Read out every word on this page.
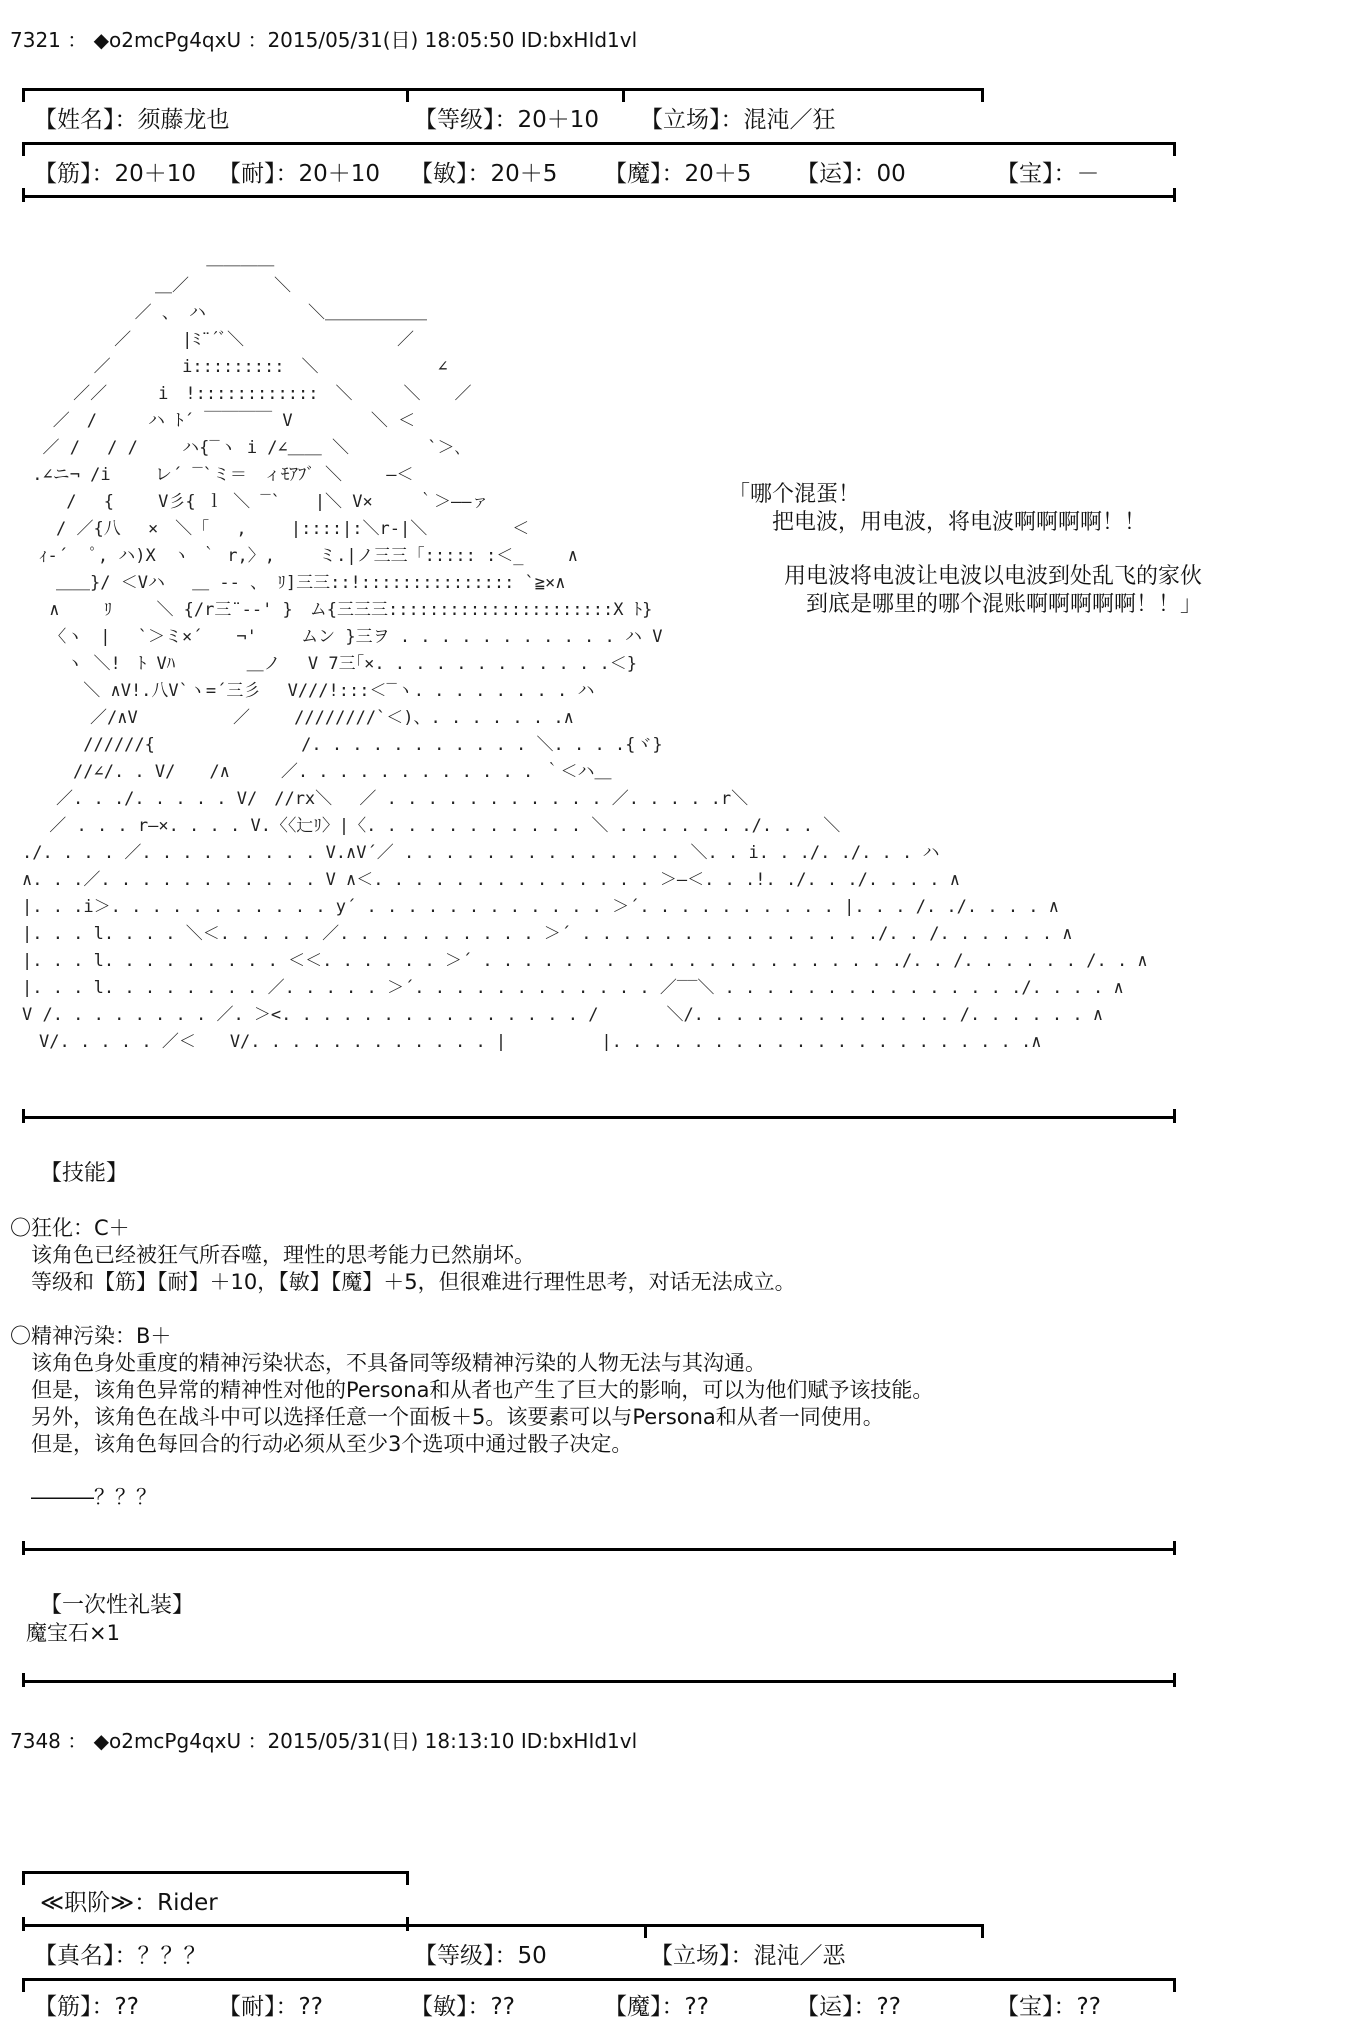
7321 ： ◆o2mcPg4qxU ：2015/05/31(日) 18:05:50 ID:bxHId1vl
【姓名】：须藤龙也	【等级】：20＋10 【立场】：混沌／狂
【筋】：20＋10 【耐】：20＋10 【敏】：20＋5 【魔】：20＋5 【运】：00	【宝】：－
＿＿＿＿
＿／　　　　　＼
／ 、 ハ　　　　　　＼＿＿＿＿＿＿
／　　　|ﾐ¨´ﾞ＼　　　　　　　　　／
／ 　　　 i:::::::::　＼　　　　　　　∠
／／　　　i　!::::::::::::　＼　　　＼　　／
／　/　　　ハ ﾄ´ ￣￣￣￣ V　　　　 ＼ ＜
／ / 　/ /　 　ハ{‾ヽ i /∠＿＿ ＼　　　　 `＞､
.∠ニ¬ /i　　 レ´ ‾`ミ＝　ィﾓｱﾌﾞ ＼　　 ―＜
　　 /　 {　　 V彡{ ｌ ＼ ‾`　　|＼ V×　 　｀＞――ァ
　　/ ／{八　 ×　＼「　 ,　　 |::::|:＼r‐|＼　　　　　＜
　ｨ-´　 ﾟ, ハ)X　ヽ ｀ r,〉,　　 ミ.|ノ三三「::::: :＜_ 　　∧
　　＿＿}/ ＜Vハ　 ＿ -‐ 、 ﾘ]三三::!::::::::::::::: `≧×∧
　 ∧　　 ﾘ　　 ＼ {/r三¨--' }　ム{三三三::::::::::::::::::::::X ﾄ}
　 〈ヽ　|　 `＞ミ×´　　¬'　　 ムン }三ヲ . . . . . . . . . . . ハ V
　　 ヽ ＼!　ﾄ Vﾊ　 　　 ＿ノ　 V 7三｢×. . . . . . . . . . . .＜}
　　　 ＼ ∧V!.八V`ヽ=´三彡　 V///!:::＜‾ヽ. . . . . . . . ハ
　　　　／/∧V　　　　　 ／　　 ////////`＜)、. . . . . . .∧
　　　 //////{　　　　　　　　 /. . . . . . . . . . . ＼. . . .{ヾ}
　　　//∠/. . V/　　/∧　　　／. . . . . . . . . . . . ｀＜ハ＿
　　／. . ./. . . . . V/　//rx＼　 ／ . . . . . . . . . . . ／. . . . .r＼
　 ／ . . . r―×. . . . V.〈〈辷ﾘ〉|〈. . . . . . . . . . . ＼ . . . . . . ./. . . ＼
./. . . . ／. . . . . . . . . V.∧V´／ . . . . . . . . . . . . . . ＼. . i. . ./. ./. . . ハ
∧. . .／. . . . . . . . . . . V ∧＜. . . . . . . . . . . . . . ＞―＜. . .!. ./. . ./. . . . ∧
|. . .i＞. . . . . . . . . . . y´ . . . . . . . . . . . . ＞´. . . . . . . . . . |. . . /. ./. . . . ∧
|. . . l. . . . ＼＜. . . . . ／. . . . . . . . . . ＞´ . . . . . . . . . . . . . . ./. . /. . . . . . ∧
|. . . l. . . . . . . . . ＜＜. . . . . . ＞´ . . . . . . . . . . . . . . . . . . . . ./. . /. . . . . . /. . ∧
|. . . l. . . . . . . . ／. . . . . ＞´. . . . . . . . . . . . ／‾‾＼ . . . . . . . . . . . . . . ./. . . . ∧
V /. . . . . . . . ／. ＞<. . . . . . . . . . . . . . . /　　　　＼/. . . . . . . . . . . . . /. . . . . . ∧
　V/. . . . . ／＜　　V/. . . . . . . . . . . . |　　　　　 |. . . . . . . . . . . . . . . . . . . . .∧
「哪个混蛋！
　　把电波，用电波，将电波啊啊啊啊！！
　用电波将电波让电波以电波到处乱飞的家伙
　　到底是哪里的哪个混账啊啊啊啊啊！！」
【技能】
〇狂化：C＋
　该角色已经被狂气所吞噬，理性的思考能力已然崩坏。
　等级和【筋】【耐】＋10，【敏】【魔】＋5，但很难进行理性思考，对话无法成立。
〇精神污染：B＋
　该角色身处重度的精神污染状态，不具备同等级精神污染的人物无法与其沟通。
　但是，该角色异常的精神性对他的Persona和从者也产生了巨大的影响，可以为他们赋予该技能。
　另外，该角色在战斗中可以选择任意一个面板＋5。该要素可以与Persona和从者一同使用。
　但是，该角色每回合的行动必须从至少3个选项中通过骰子决定。
　―――？？？
【一次性礼装】
魔宝石×1
7348 ： ◆o2mcPg4qxU ：2015/05/31(日) 18:13:10 ID:bxHId1vl
≪职阶≫：Rider
【真名】：？？？	【等级】：50	【立场】：混沌／恶
【筋】：??	【耐】：??	【敏】：??	【魔】：??	【运】：??	【宝】：??
